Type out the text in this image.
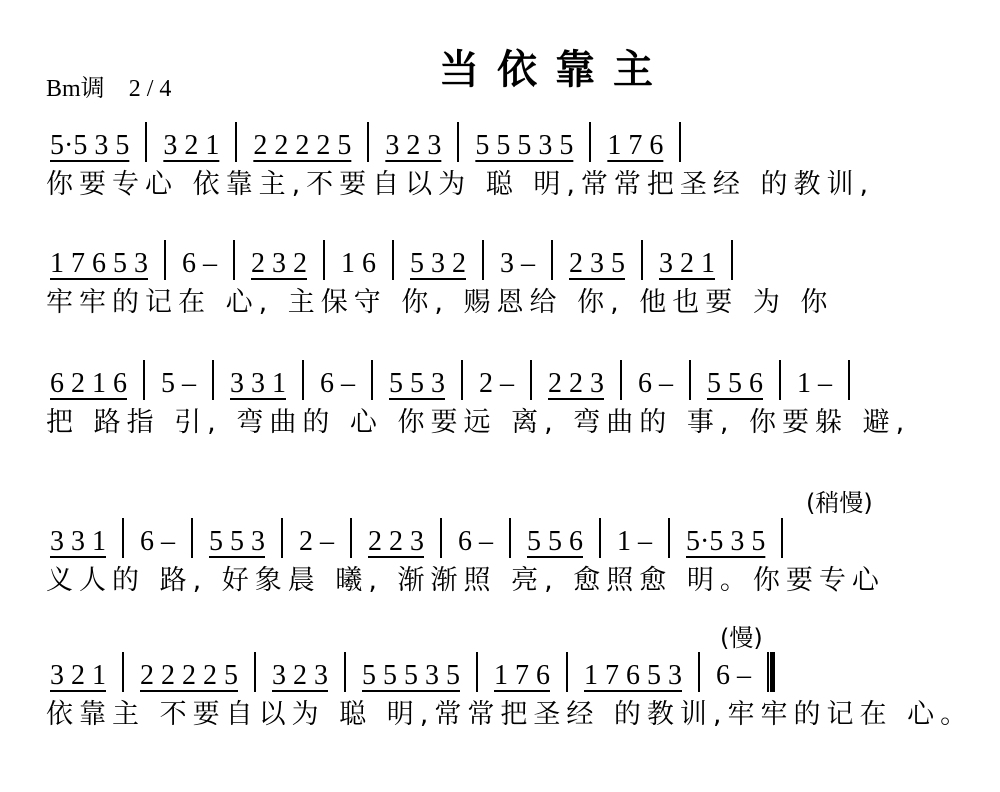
当依靠主
Bm调 2 / 4
5·5 3 5	3 2 1	2 2 2 2 5	3 2 3	5 5 5 3 5	1 7 6
你要专心 依靠主,不要自以为 聪 明,常常把圣经 的教训,
1 7 6 5 3	6 –	2 3 2	1 6	5 3 2	3 –	2 3 5	3 2 1
牢牢的记在 心, 主保守 你, 赐恩给 你, 他也要 为 你
6 2 1 6	5 –	3 3 1	6 –	5 5 3	2 –	2 2 3	6 –	5 5 6	1 –
把 路指 引, 弯曲的 心 你要远 离, 弯曲的 事, 你要躲 避,
(稍慢)
3 3 1	6 –	5 5 3	2 –	2 2 3	6 –	5 5 6	1 –	5·5 3 5
义人的 路, 好象晨 曦, 渐渐照 亮, 愈照愈 明。你要专心
(慢)
3 2 1	2 2 2 2 5	3 2 3	5 5 5 3 5	1 7 6	1 7 6 5 3	6 –
依靠主 不要自以为 聪 明,常常把圣经 的教训,牢牢的记在 心。
